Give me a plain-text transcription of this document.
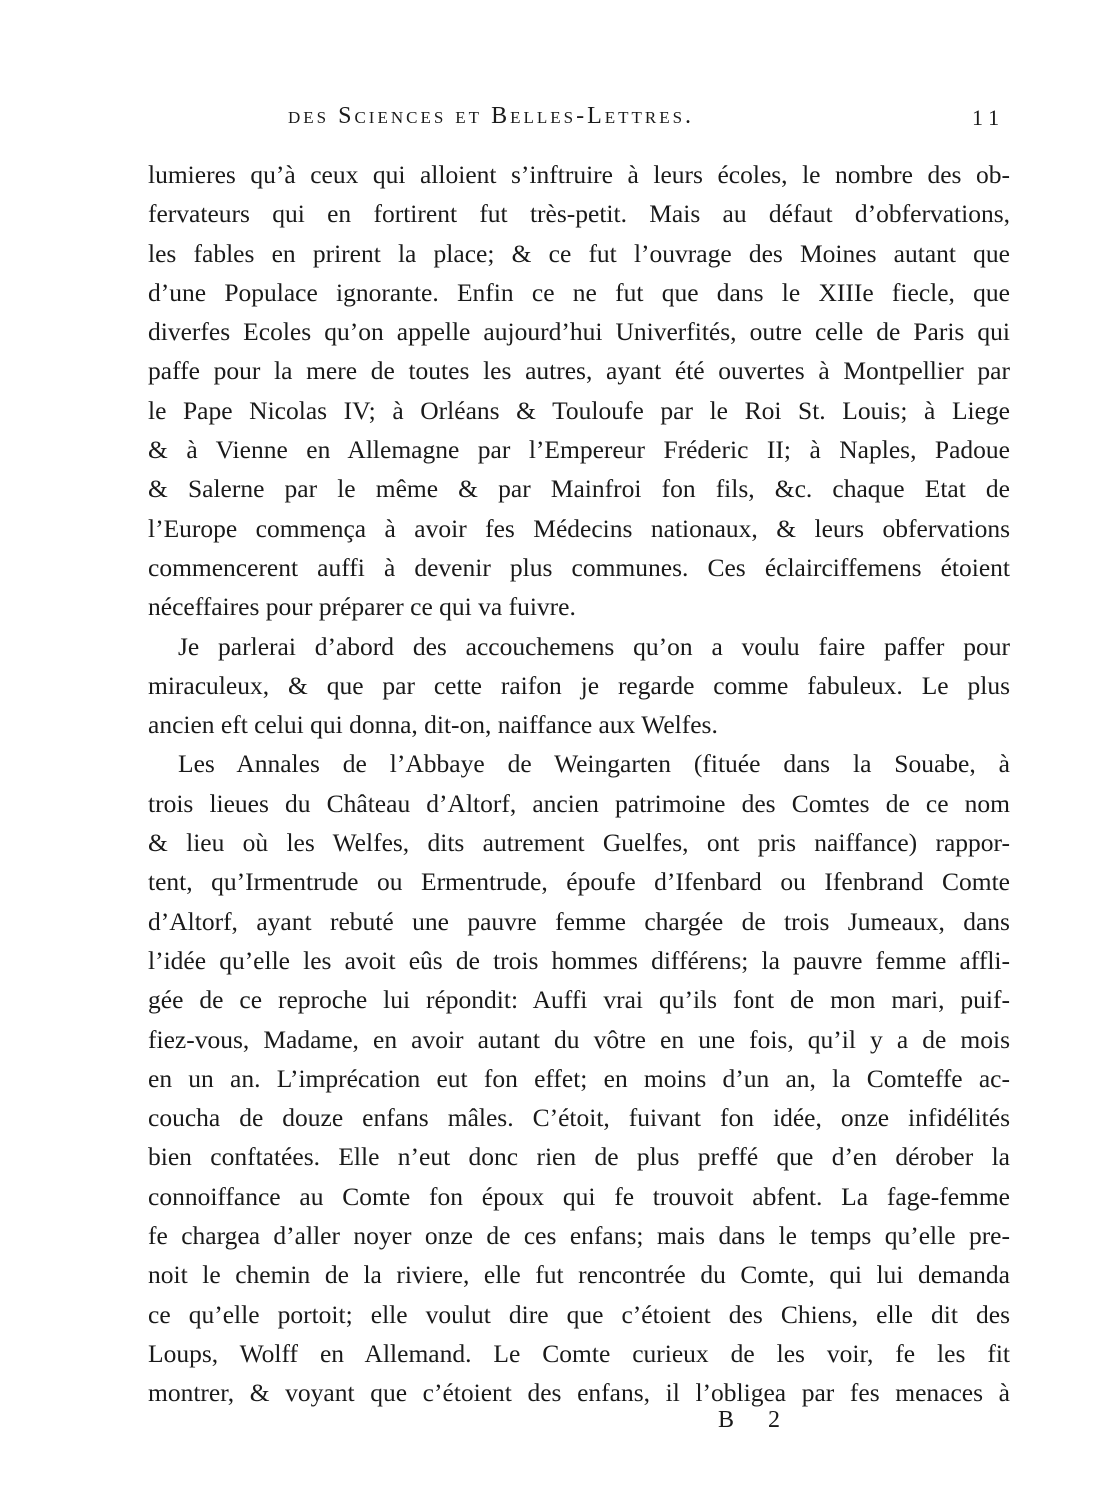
des Sciences et Belles-Lettres.	11
lumieres qu’à ceux qui alloient s’inftruire à leurs écoles, le nombre des ob-
fervateurs qui en fortirent fut très-petit. Mais au défaut d’obfervations,
les fables en prirent la place; & ce fut l’ouvrage des Moines autant que
d’une Populace ignorante. Enfin ce ne fut que dans le XIIIe fiecle, que
diverfes Ecoles qu’on appelle aujourd’hui Univerfités, outre celle de Paris qui
paffe pour la mere de toutes les autres, ayant été ouvertes à Montpellier par
le Pape Nicolas IV; à Orléans & Touloufe par le Roi St. Louis; à Liege
& à Vienne en Allemagne par l’Empereur Fréderic II; à Naples, Padoue
& Salerne par le même & par Mainfroi fon fils, &c. chaque Etat de
l’Europe commença à avoir fes Médecins nationaux, & leurs obfervations
commencerent auffi à devenir plus communes. Ces éclairciffemens étoient
néceffaires pour préparer ce qui va fuivre.
Je parlerai d’abord des accouchemens qu’on a voulu faire paffer pour
miraculeux, & que par cette raifon je regarde comme fabuleux. Le plus
ancien eft celui qui donna, dit-on, naiffance aux Welfes.
Les Annales de l’Abbaye de Weingarten (fituée dans la Souabe, à
trois lieues du Château d’Altorf, ancien patrimoine des Comtes de ce nom
& lieu où les Welfes, dits autrement Guelfes, ont pris naiffance) rappor-
tent, qu’Irmentrude ou Ermentrude, époufe d’Ifenbard ou Ifenbrand Comte
d’Altorf, ayant rebuté une pauvre femme chargée de trois Jumeaux, dans
l’idée qu’elle les avoit eûs de trois hommes différens; la pauvre femme affli-
gée de ce reproche lui répondit: Auffi vrai qu’ils font de mon mari, puif-
fiez-vous, Madame, en avoir autant du vôtre en une fois, qu’il y a de mois
en un an. L’imprécation eut fon effet; en moins d’un an, la Comteffe ac-
coucha de douze enfans mâles. C’étoit, fuivant fon idée, onze infidélités
bien conftatées. Elle n’eut donc rien de plus preffé que d’en dérober la
connoiffance au Comte fon époux qui fe trouvoit abfent. La fage-femme
fe chargea d’aller noyer onze de ces enfans; mais dans le temps qu’elle pre-
noit le chemin de la riviere, elle fut rencontrée du Comte, qui lui demanda
ce qu’elle portoit; elle voulut dire que c’étoient des Chiens, elle dit des
Loups, Wolff en Allemand. Le Comte curieux de les voir, fe les fit
montrer, & voyant que c’étoient des enfans, il l’obligea par fes menaces à
B 2
